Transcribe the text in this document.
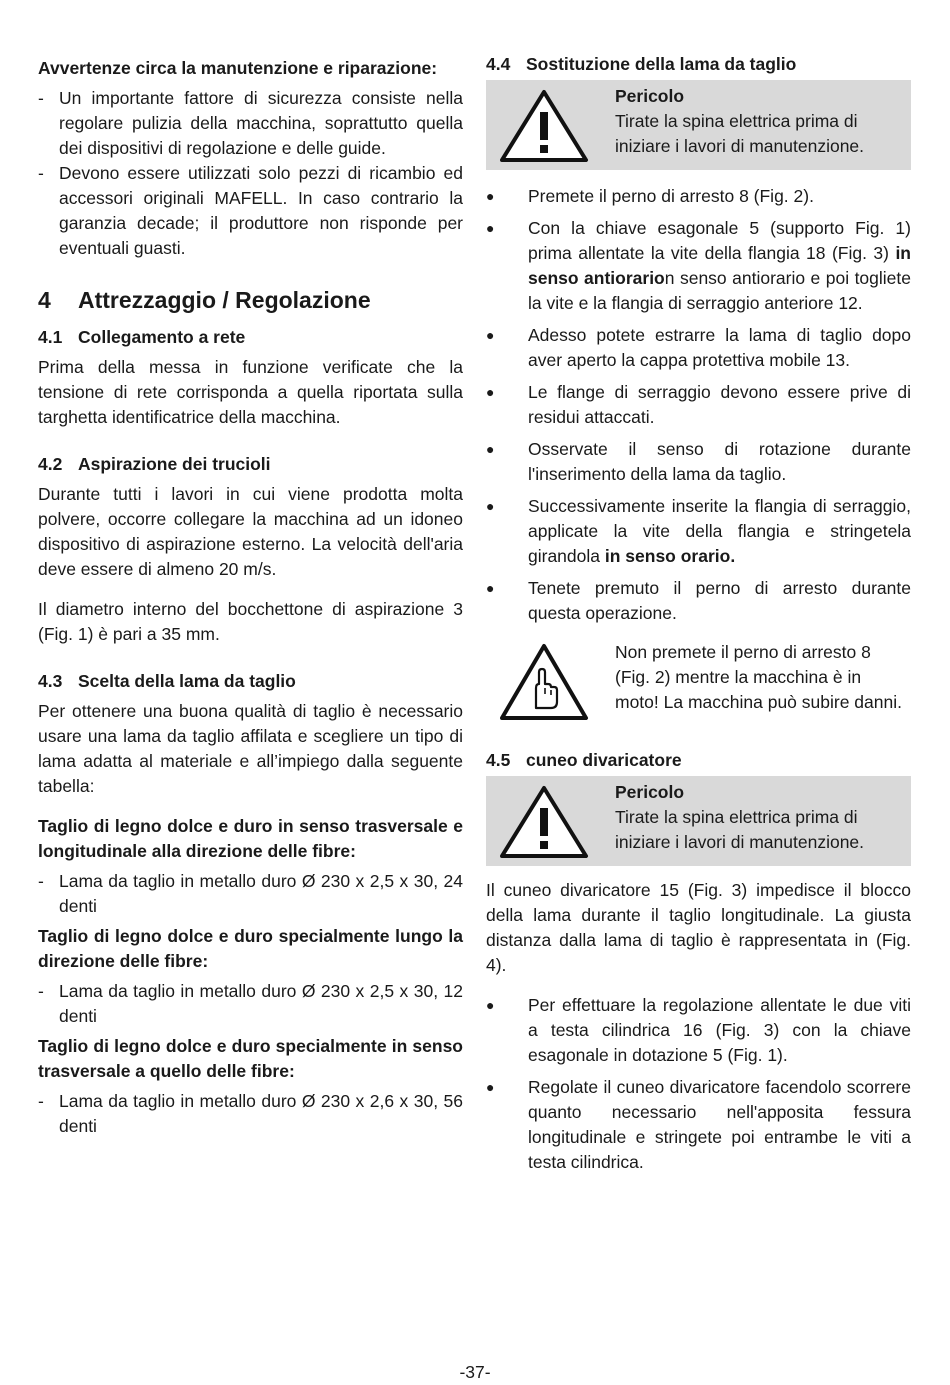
Avvertenze circa la manutenzione e riparazione:

- Un importante fattore di sicurezza consiste nella regolare pulizia della macchina, soprattutto quella dei dispositivi di regolazione e delle guide.
- Devono essere utilizzati solo pezzi di ricambio ed accessori originali MAFELL. In caso contrario la garanzia decade; il produttore non risponde per eventuali guasti.
4 Attrezzaggio / Regolazione
4.1 Collegamento a rete

Prima della messa in funzione verificate che la tensione di rete corrisponda a quella riportata sulla targhetta identificatrice della macchina.

4.2 Aspirazione dei trucioli

Durante tutti i lavori in cui viene prodotta molta polvere, occorre collegare la macchina ad un idoneo dispositivo di aspirazione esterno. La velocità dell'aria deve essere di almeno 20 m/s.

Il diametro interno del bocchettone di aspirazione 3 (Fig. 1) è pari a 35 mm.

4.3 Scelta della lama da taglio

Per ottenere una buona qualità di taglio è necessario usare una lama da taglio affilata e scegliere un tipo di lama adatta al materiale e all’impiego dalla seguente tabella:

Taglio di legno dolce e duro in senso trasversale e longitudinale alla direzione delle fibre:

- Lama da taglio in metallo duro Ø 230 x 2,5 x 30, 24 denti

Taglio di legno dolce e duro specialmente lungo la direzione delle fibre:

- Lama da taglio in metallo duro Ø 230 x 2,5 x 30, 12 denti

Taglio di legno dolce e duro specialmente in senso trasversale a quello delle fibre:

- Lama da taglio in metallo duro Ø 230 x 2,6 x 30, 56 denti
4.4 Sostituzione della lama da taglio
Pericolo
Tirate la spina elettrica prima di iniziare i lavori di manutenzione.
● Premete il perno di arresto 8 (Fig. 2).
● Con la chiave esagonale 5 (supporto Fig. 1) prima allentate la vite della flangia 18 (Fig. 3) in senso antiorarion senso antiorario e poi togliete la vite e la flangia di serraggio anteriore 12.
● Adesso potete estrarre la lama di taglio dopo aver aperto la cappa protettiva mobile 13.
● Le flange di serraggio devono essere prive di residui attaccati.
● Osservate il senso di rotazione durante l'inserimento della lama da taglio.
● Successivamente inserite la flangia di serraggio, applicate la vite della flangia e stringetela girandola in senso orario.
● Tenete premuto il perno di arresto durante questa operazione.
Non premete il perno di arresto 8 (Fig. 2) mentre la macchina è in moto! La macchina può subire danni.
4.5 cuneo divaricatore
Pericolo
Tirate la spina elettrica prima di iniziare i lavori di manutenzione.

Il cuneo divaricatore 15 (Fig. 3) impedisce il blocco della lama durante il taglio longitudinale. La giusta distanza dalla lama di taglio è rappresentata in (Fig. 4).

● Per effettuare la regolazione allentate le due viti a testa cilindrica 16 (Fig. 3) con la chiave esagonale in dotazione 5 (Fig. 1).
● Regolate il cuneo divaricatore facendolo scorrere quanto necessario nell'apposita fessura longitudinale e stringete poi entrambe le viti a testa cilindrica.
-37-
